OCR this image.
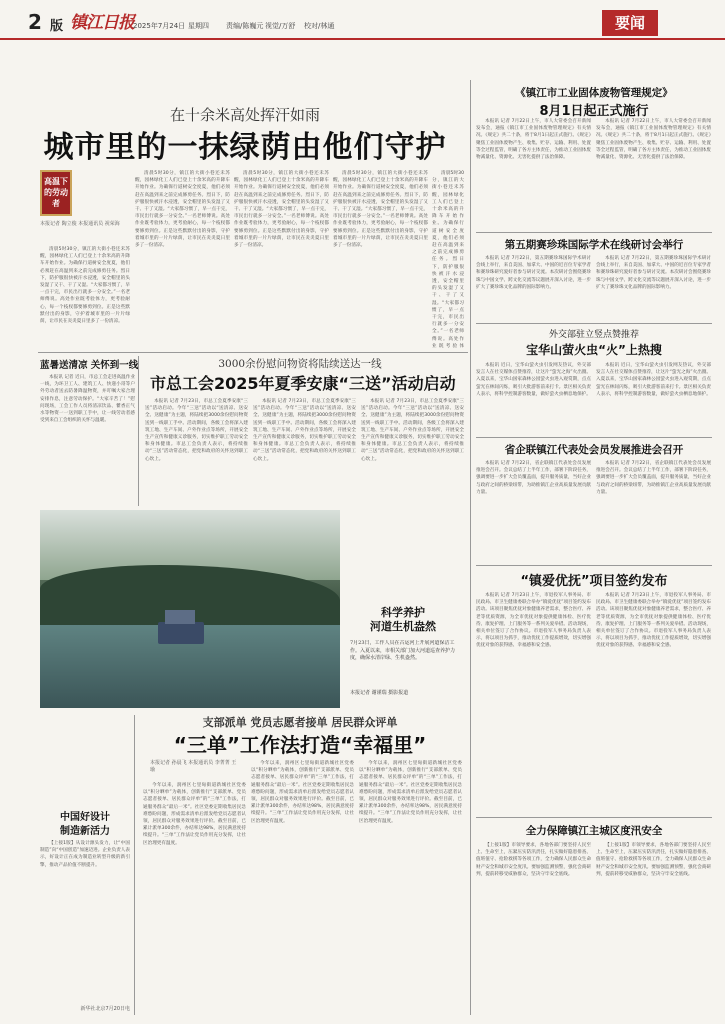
2 版 镇江日报 2025年7月24日 星期四 责编/陈巍元 视觉/万舒 校对/林通	要闻
在十余米高处挥汗如雨
城市里的一抹绿荫由他们守护
高温下的劳动者
本报记者 陶立俊 本报通讯员 祝荣海

清晨5时30分，镇江的大街小巷还未苏醒，园林绿化工人们已登上十余米高的升降车开始作业。为确保行道树安全度夏，他们必须赶在高温到来之前完成修剪任务。烈日下，防护服很快被汗水浸透，安全帽里的头发湿了又干、干了又湿。“大家都习惯了，早一点干完，市民出行就多一分安全。”一名老师傅说。高处作业既考验体力，更考验耐心，每一个枝杈都要修剪到位。正是这些默默付出的身影，守护着城市里的一片片绿荫，让市民在炎炎夏日里多了一份清凉。

清晨5时30分，镇江的大街小巷还未苏醒，园林绿化工人们已登上十余米高的升降车开始作业。为确保行道树安全度夏，他们必须赶在高温到来之前完成修剪任务。烈日下，防护服很快被汗水浸透，安全帽里的头发湿了又干、干了又湿。“大家都习惯了，早一点干完，市民出行就多一分安全。”一名老师傅说。高处作业既考验体力，更考验耐心，每一个枝杈都要修剪到位。正是这些默默付出的身影，守护着城市里的一片片绿荫，让市民在炎炎夏日里多了一份清凉。

清晨5时30分，镇江的大街小巷还未苏醒，园林绿化工人们已登上十余米高的升降车开始作业。为确保行道树安全度夏，他们必须赶在高温到来之前完成修剪任务。烈日下，防护服很快被汗水浸透，安全帽里的头发湿了又干、干了又湿。“大家都习惯了，早一点干完，市民出行就多一分安全。”一名老师傅说。高处作业既考验体力，更考验耐心，每一个枝杈都要修剪到位。正是这些默默付出的身影，守护着城市里的一片片绿荫，让市民在炎炎夏日里多了一份清凉。

清晨5时30分，镇江的大街小巷还未苏醒，园林绿化工人们已登上十余米高的升降车开始作业。为确保行道树安全度夏，他们必须赶在高温到来之前完成修剪任务。烈日下，防护服很快被汗水浸透，安全帽里的头发湿了又干、干了又湿。“大家都习惯了，早一点干完，市民出行就多一分安全。”一名老师傅说。高处作业既考验体力，更考验耐心，每一个枝杈都要修剪到位。正是这些默默付出的身影，守护着城市里的一片片绿荫，让市民在炎炎夏日里多了一份清凉。

清晨5时30分，镇江的大街小巷还未苏醒，园林绿化工人们已登上十余米高的升降车开始作业。为确保行道树安全度夏，他们必须赶在高温到来之前完成修剪任务。烈日下，防护服很快被汗水浸透，安全帽里的头发湿了又干、干了又湿。“大家都习惯了，早一点干完，市民出行就多一分安全。”一名老师傅说。高处作业既考验体

蓝暑送清凉 关怀到一线

本报讯 记者 近日，市总工会走进高温作业一线，为环卫工人、建筑工人、快递小哥等户外劳动者送去防暑降温物资，并叮嘱大家合理安排作息，注意劳动保护。“大家辛苦了！”慰问现场，工会工作人员将清凉饮品、藿香正气水等物资一一送到职工手中，让一线劳动者感受到来自工会组织的关怀与温暖。

3000余份慰问物资将陆续送达一线
市总工会2025年夏季安康“三送”活动启动

本报讯 记者 7月23日，市总工会夏季安康“三送”活动启动。今年“三送”活动以“送清凉、送安全、送健康”为主题，将陆续把3000余份慰问物资送到一线职工手中。活动期间，各级工会将深入建筑工地、生产车间、户外作业点等场所，开展安全生产宣传和健康义诊服务，切实维护职工劳动安全和身体健康。市总工会负责人表示，将持续推动“三送”活动常态化，把党和政府的关怀送到职工心坎上。

本报讯 记者 7月23日，市总工会夏季安康“三送”活动启动。今年“三送”活动以“送清凉、送安全、送健康”为主题，将陆续把3000余份慰问物资送到一线职工手中。活动期间，各级工会将深入建筑工地、生产车间、户外作业点等场所，开展安全生产宣传和健康义诊服务，切实维护职工劳动安全和身体健康。市总工会负责人表示，将持续推动“三送”活动常态化，把党和政府的关怀送到职工心坎上。

本报讯 记者 7月23日，市总工会夏季安康“三送”活动启动。今年“三送”活动以“送清凉、送安全、送健康”为主题，将陆续把3000余份慰问物资送到一线职工手中。活动期间，各级工会将深入建筑工地、生产车间、户外作业点等场所，开展安全生产宣传和健康义诊服务，切实维护职工劳动安全和身体健康。市总工会负责人表示，将持续推动“三送”活动常态化，把党和政府的关怀送到职工心坎上。

科学养护
河道生机盎然
7月23日，工作人员在古运河上开展河道保洁工作。入夏以来，市相关部门加大河道巡查养护力度，确保水清岸绿、生机盎然。
本报记者 谢谨瑞 摄影报道
中国好设计
制造新活力

【上接1版】从设计源头发力，让“中国制造”向“中国创造”加速迈进。企业负责人表示，好设计正在成为制造业转型升级的新引擎，推动产品价值不断提升。

新华社北京7月20日电
支部派单 党员志愿者接单 居民群众评单
“三单”工作法打造“幸福里”
本报记者 孙晨飞 本报通讯员 李菁菁 王瑜

今年以来，润州区七里甸街道新城社区党委以“积分晒单”为载体，创新推行“支部派单、党员志愿者接单、居民群众评单”的“三单”工作法，打通服务群众“最后一米”。社区党委定期收集居民急难愁盼问题，形成需求清单后派发给党员志愿者认领，居民群众对服务效果进行评价。截至目前，已累计派单300余件，办结率达98%，居民满意度持续提升。“三单”工作法让党员作用充分发挥，让社区治理更有温度。

今年以来，润州区七里甸街道新城社区党委以“积分晒单”为载体，创新推行“支部派单、党员志愿者接单、居民群众评单”的“三单”工作法，打通服务群众“最后一米”。社区党委定期收集居民急难愁盼问题，形成需求清单后派发给党员志愿者认领，居民群众对服务效果进行评价。截至目前，已累计派单300余件，办结率达98%，居民满意度持续提升。“三单”工作法让党员作用充分发挥，让社区治理更有温度。

今年以来，润州区七里甸街道新城社区党委以“积分晒单”为载体，创新推行“支部派单、党员志愿者接单、居民群众评单”的“三单”工作法，打通服务群众“最后一米”。社区党委定期收集居民急难愁盼问题，形成需求清单后派发给党员志愿者认领，居民群众对服务效果进行评价。截至目前，已累计派单300余件，办结率达98%，居民满意度持续提升。“三单”工作法让党员作用充分发挥，让社区治理更有温度。

《镇江市工业固体废物管理规定》
8月1日起正式施行

本报讯 记者 7月22日上午，市人大常委会召开新闻发布会，通报《镇江市工业固体废物管理规定》有关情况。《规定》共二十条，将于8月1日起正式施行。《规定》聚焦工业固体废物产生、收集、贮存、运输、利用、处置等全过程监管，明确了各方主体责任，为推动工业固体废物减量化、资源化、无害化提供了法治保障。

本报讯 记者 7月22日上午，市人大常委会召开新闻发布会，通报《镇江市工业固体废物管理规定》有关情况。《规定》共二十条，将于8月1日起正式施行。《规定》聚焦工业固体废物产生、收集、贮存、运输、利用、处置等全过程监管，明确了各方主体责任，为推动工业固体废物减量化、资源化、无害化提供了法治保障。

第五期赛珍珠国际学术在线研讨会举行

本报讯 记者 7月22日，第五期赛珍珠国际学术研讨会线上举行，来自美国、加拿大、中国的近百位专家学者和赛珍珠研究爱好者参与研讨交流。本次研讨会围绕赛珍珠与中国文学、跨文化交流等议题展开深入讨论，进一步扩大了赛珍珠文化品牌的国际影响力。

本报讯 记者 7月22日，第五期赛珍珠国际学术研讨会线上举行，来自美国、加拿大、中国的近百位专家学者和赛珍珠研究爱好者参与研讨交流。本次研讨会围绕赛珍珠与中国文学、跨文化交流等议题展开深入讨论，进一步扩大了赛珍珠文化品牌的国际影响力。

外交部驻立竖点赞推荐
宝华山萤火虫“火”上热搜

本报讯 近日，宝华山萤火虫引发网友热议，外交部发言人在社交媒体点赞推荐，让这片“萤光之海”火出圈。入夏以来，宝华山国家森林公园萤火虫进入观赏期，点点萤光在林间闪烁，吸引大批游客前来打卡。景区相关负责人表示，将科学控制游客数量，做好萤火虫栖息地保护。

本报讯 近日，宝华山萤火虫引发网友热议，外交部发言人在社交媒体点赞推荐，让这片“萤光之海”火出圈。入夏以来，宝华山国家森林公园萤火虫进入观赏期，点点萤光在林间闪烁，吸引大批游客前来打卡。景区相关负责人表示，将科学控制游客数量，做好萤火虫栖息地保护。

省企联镇江代表处会员发展推进会召开

本报讯 记者 7月22日，省企联镇江代表处会员发展推进会召开。会议总结了上半年工作，部署下阶段任务，强调要进一步扩大会员覆盖面，提升服务质量，当好企业与政府之间的桥梁纽带，为助推镇江企业高质量发展贡献力量。

本报讯 记者 7月22日，省企联镇江代表处会员发展推进会召开。会议总结了上半年工作，部署下阶段任务，强调要进一步扩大会员覆盖面，提升服务质量，当好企业与政府之间的桥梁纽带，为助推镇江企业高质量发展贡献力量。

“镇爱优抚”项目签约发布

本报讯 记者 7月23日上午，市退役军人事务局、市民政局、市卫生健康委联合举办“镇爱优抚”项目签约发布活动。该项目聚焦优抚对象健康养老需求，整合医疗、养老等优质资源，为全市优抚对象提供健康体检、医疗优待、康复护理、上门服务等一系列关爱举措。活动现场，相关单位签订了合作协议。市退役军人事务局负责人表示，将以项目为抓手，推动优抚工作提质增效，切实增强优抚对象的获得感、幸福感和安全感。

本报讯 记者 7月23日上午，市退役军人事务局、市民政局、市卫生健康委联合举办“镇爱优抚”项目签约发布活动。该项目聚焦优抚对象健康养老需求，整合医疗、养老等优质资源，为全市优抚对象提供健康体检、医疗优待、康复护理、上门服务等一系列关爱举措。活动现场，相关单位签订了合作协议。市退役军人事务局负责人表示，将以项目为抓手，推动优抚工作提质增效，切实增强优抚对象的获得感、幸福感和安全感。

全力保障镇江主城区度汛安全

【上接1版】市领导要求，各地各部门要坚持人民至上、生命至上，压紧压实防汛责任，扎实做好隐患排查、值班值守、抢险救援等各项工作，全力确保人民群众生命财产安全和城市安全度汛。要加强监测预警，强化会商研判，提前转移受威胁群众，坚决守牢安全底线。

【上接1版】市领导要求，各地各部门要坚持人民至上、生命至上，压紧压实防汛责任，扎实做好隐患排查、值班值守、抢险救援等各项工作，全力确保人民群众生命财产安全和城市安全度汛。要加强监测预警，强化会商研判，提前转移受威胁群众，坚决守牢安全底线。
